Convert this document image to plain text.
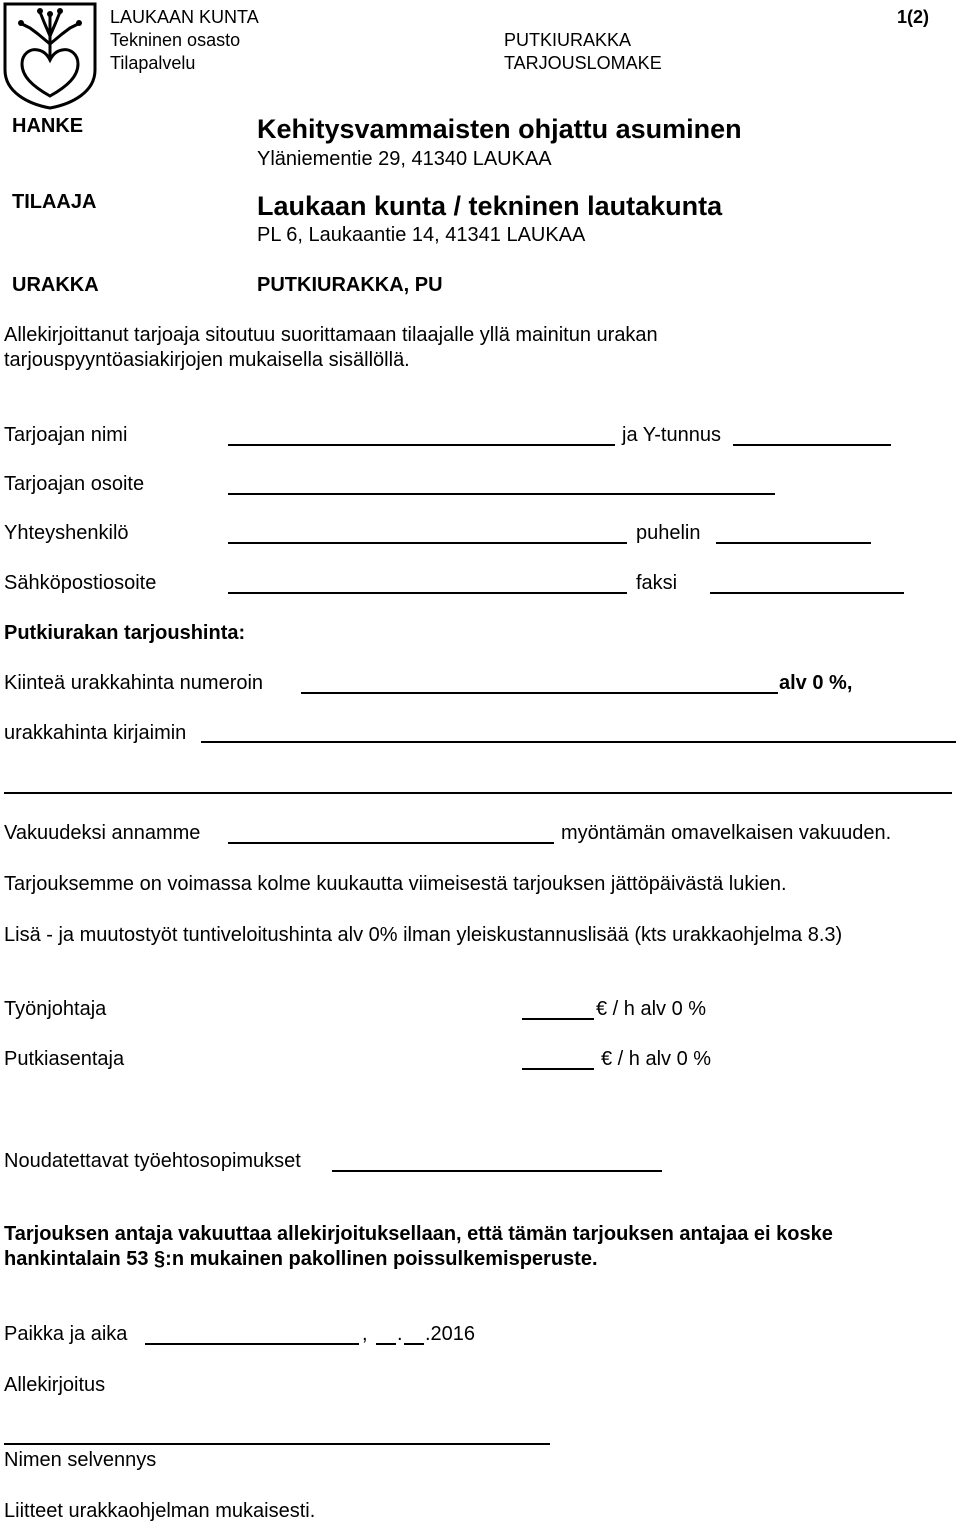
LAUKAAN KUNTA
Tekninen osasto
Tilapalvelu
PUTKIURAKKA
TARJOUSLOMAKE
1(2)
HANKE	Kehitysvammaisten ohjattu asuminen
Yläniementie 29, 41340 LAUKAA
TILAAJA	Laukaan kunta / tekninen lautakunta
PL 6, Laukaantie 14, 41341 LAUKAA
URAKKA	PUTKIURAKKA, PU
Allekirjoittanut tarjoaja sitoutuu suorittamaan tilaajalle yllä mainitun urakan
tarjouspyyntöasiakirjojen mukaisella sisällöllä.
Tarjoajan nimi	ja Y-tunnus
Tarjoajan osoite
Yhteyshenkilö	puhelin
Sähköpostiosoite	faksi
Putkiurakan tarjoushinta:
Kiinteä urakkahinta numeroin	alv 0 %,
urakkahinta kirjaimin
Vakuudeksi annamme	myöntämän omavelkaisen vakuuden.
Tarjouksemme on voimassa kolme kuukautta viimeisestä tarjouksen jättöpäivästä lukien.
Lisä - ja muutostyöt tuntiveloitushinta alv 0% ilman yleiskustannuslisää (kts urakkaohjelma 8.3)
Työnjohtaja	€ / h alv 0 %
Putkiasentaja	€ / h alv 0 %
Noudatettavat työehtosopimukset
Tarjouksen antaja vakuuttaa allekirjoituksellaan, että tämän tarjouksen antajaa ei koske
hankintalain 53 §:n mukainen pakollinen poissulkemisperuste.
Paikka ja aika	, . .2016
Allekirjoitus
Nimen selvennys
Liitteet urakkaohjelman mukaisesti.
